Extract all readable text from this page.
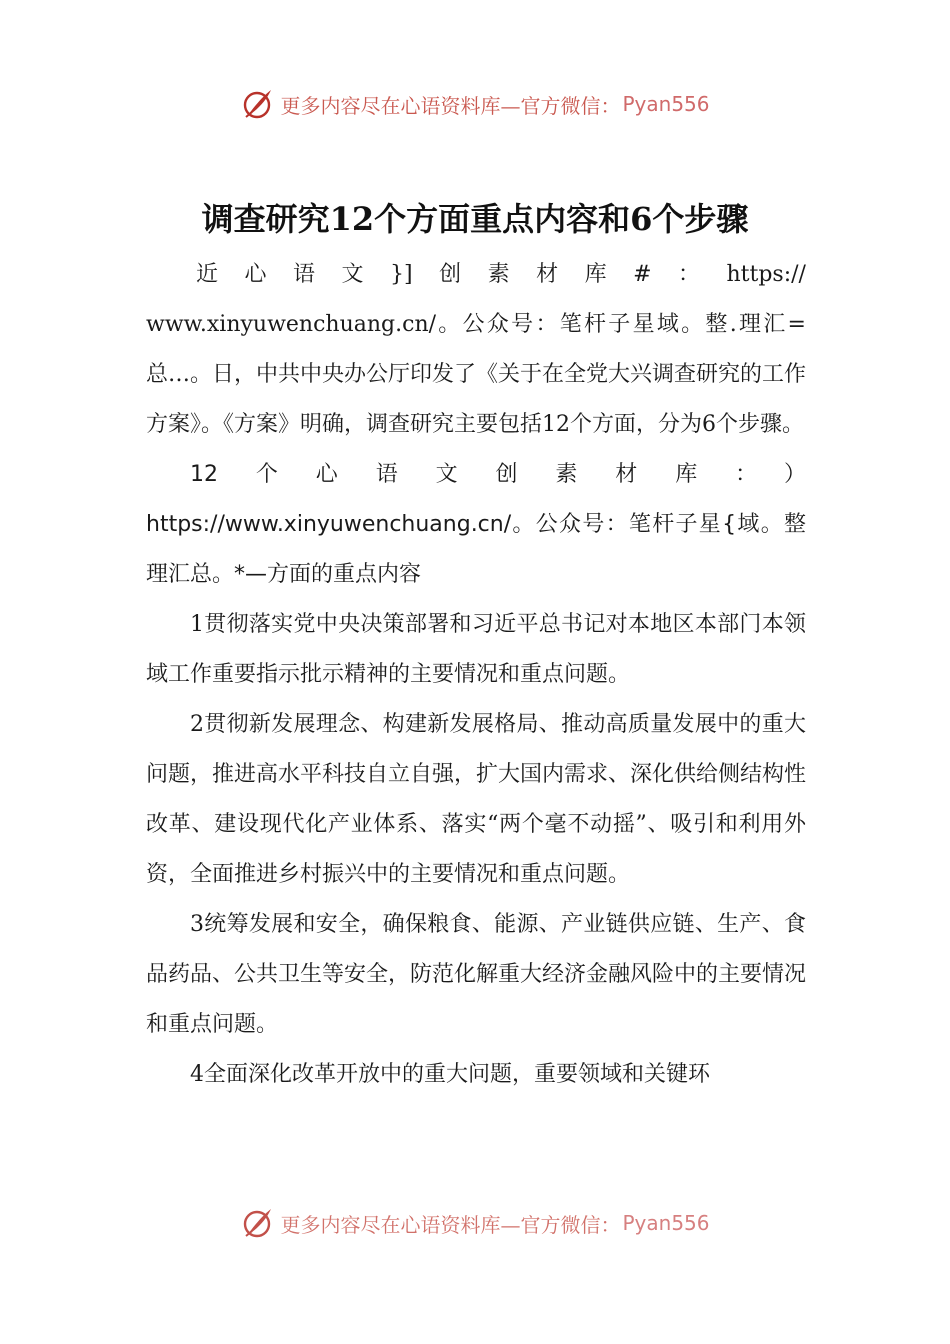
更多内容尽在心语资料库—官方微信： Pyan556
调查研究12个方面重点内容和6个步骤
近 心 语 文 }] 创 素 材 库 # ： https://
www.xinyuwenchuang.cn/。公众号：笔杆子星域。整.理汇=总…。日，中共中央办公厅印发了《关于在全党大兴调查研究的工作方案》。《方案》明确，调查研究主要包括12个方面，分为6个步骤。

12个心语文创素材库：）https://www.xinyuwenchuang.cn/。公众号：笔杆子星{域。整理汇总。*—方面的重点内容

1贯彻落实党中央决策部署和习近平总书记对本地区本部门本领域工作重要指示批示精神的主要情况和重点问题。

2贯彻新发展理念、构建新发展格局、推动高质量发展中的重大问题，推进高水平科技自立自强，扩大国内需求、深化供给侧结构性改革、建设现代化产业体系、落实“两个毫不动摇”、吸引和利用外资，全面推进乡村振兴中的主要情况和重点问题。

3统筹发展和安全，确保粮食、能源、产业链供应链、生产、食品药品、公共卫生等安全，防范化解重大经济金融风险中的主要情况和重点问题。

4全面深化改革开放中的重大问题，重要领域和关键环

更多内容尽在心语资料库—官方微信： Pyan556
